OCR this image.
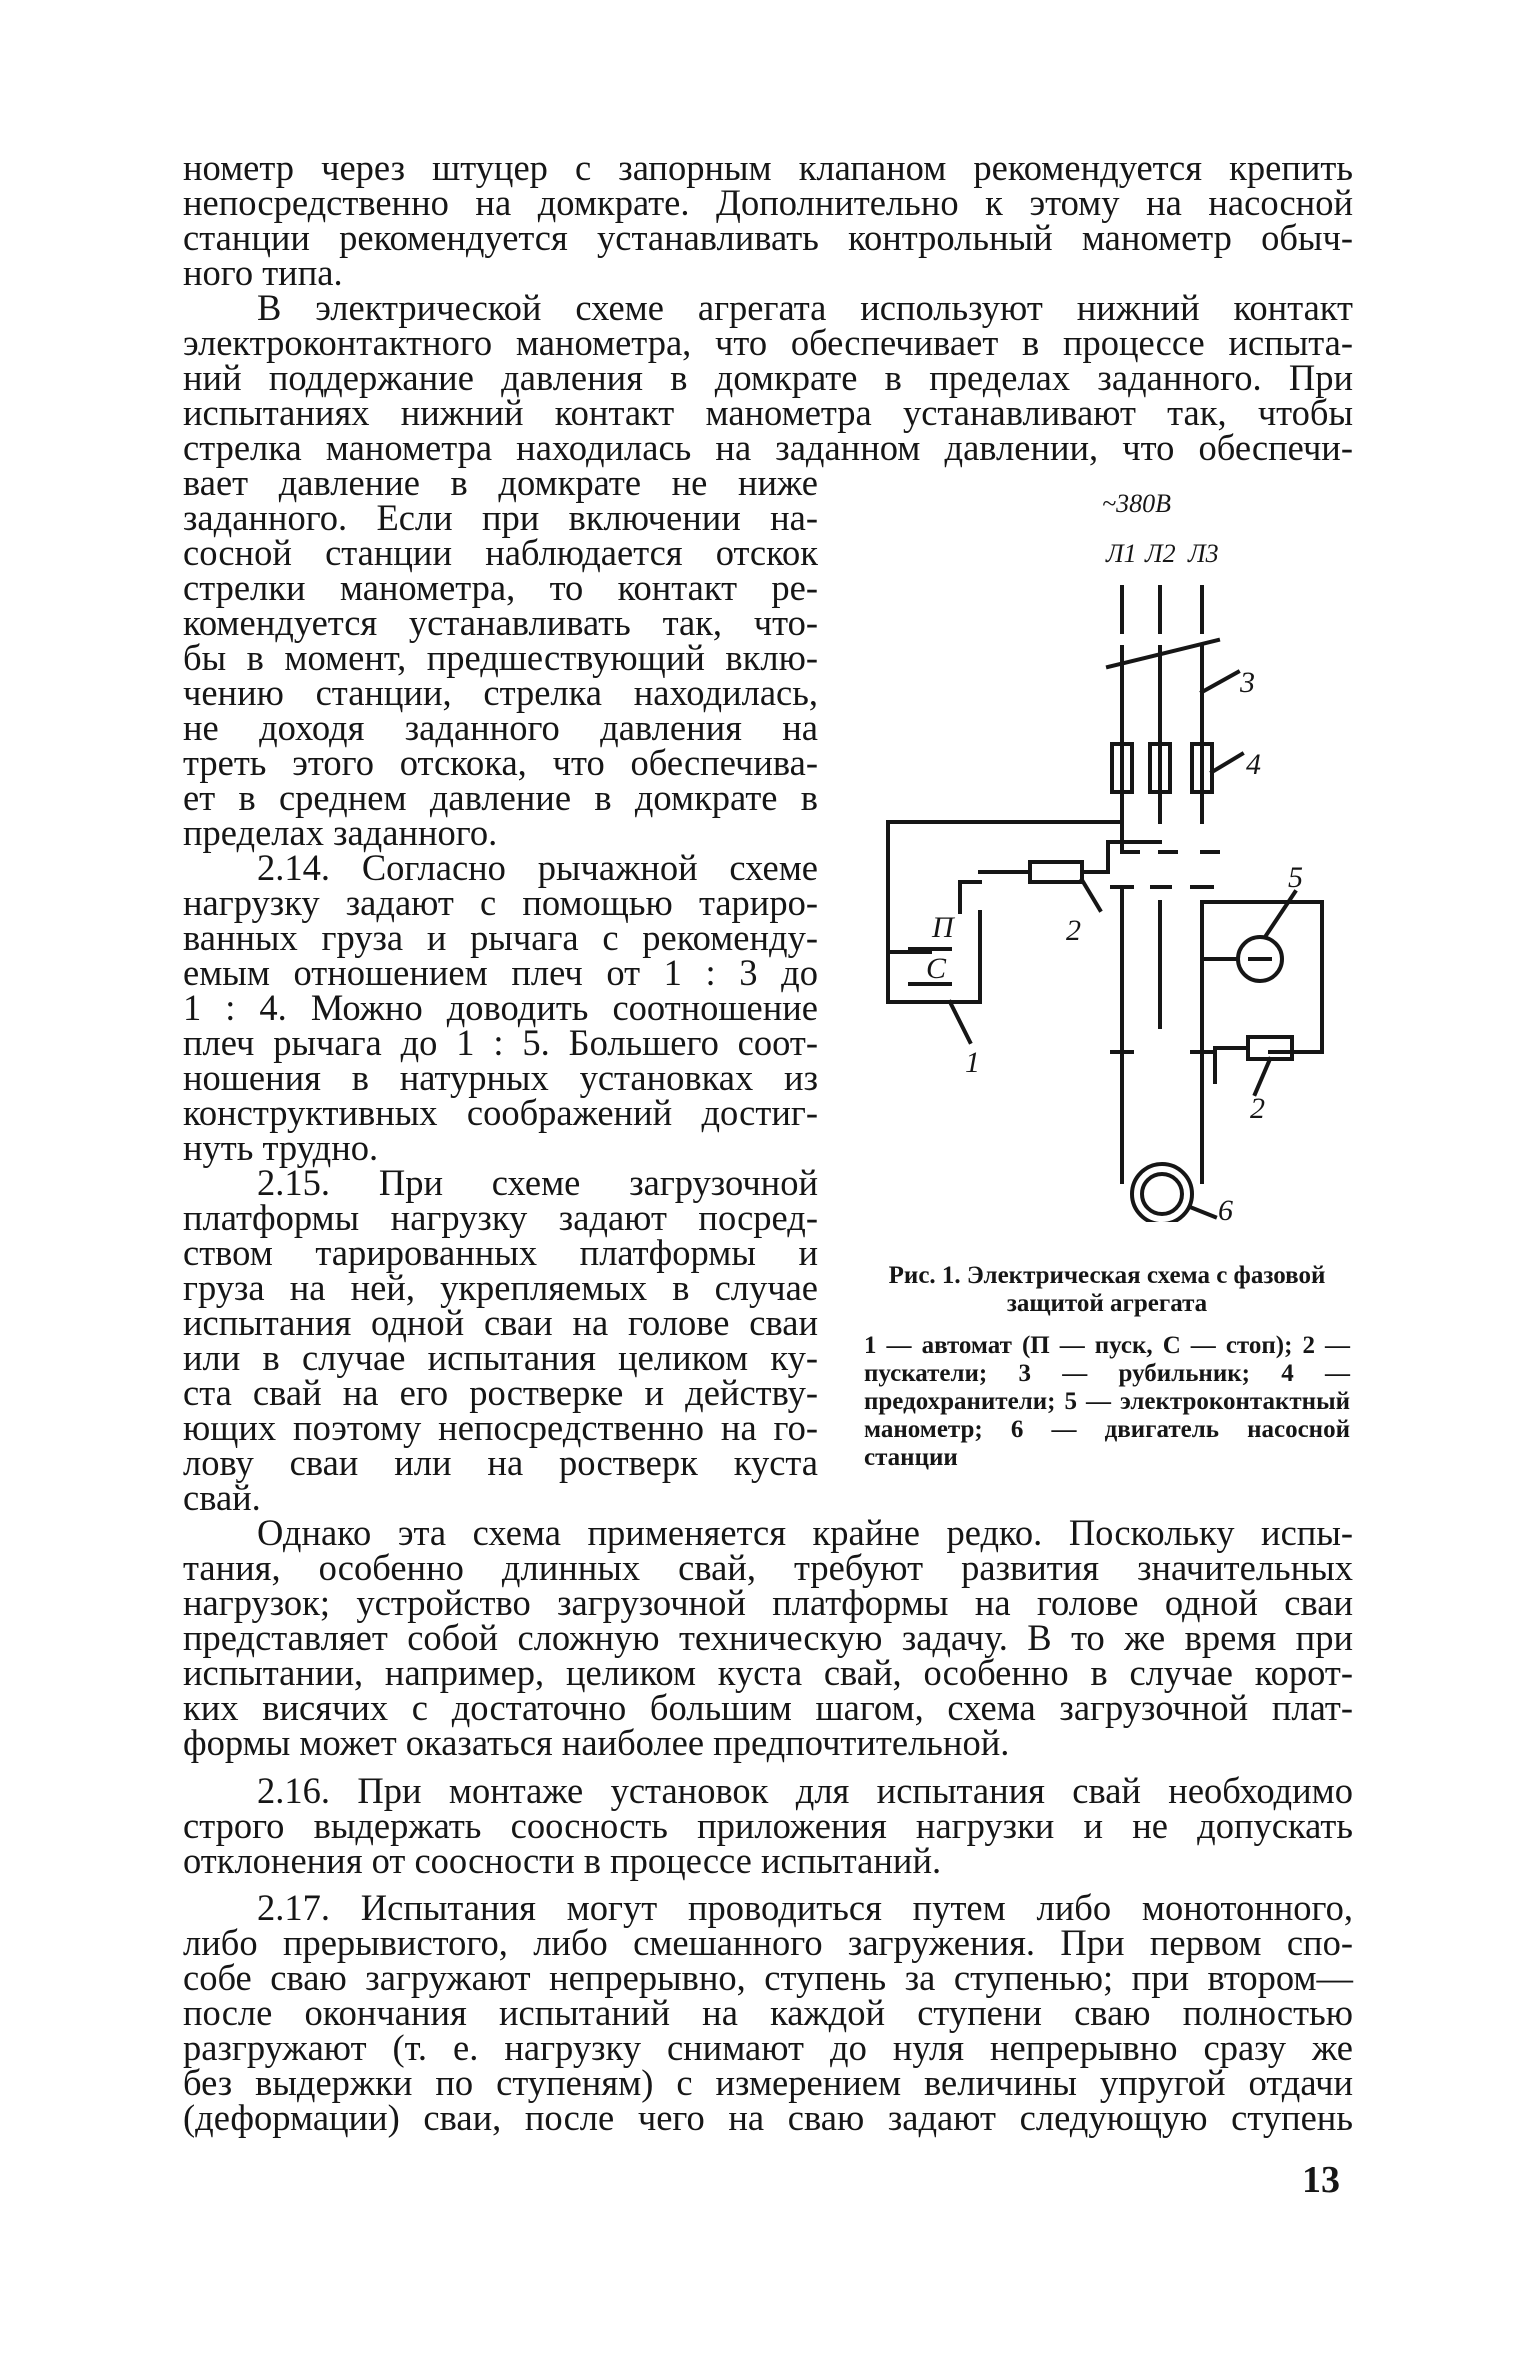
нометр через штуцер с запорным клапаном рекомендуется крепить
непосредственно на домкрате. Дополнительно к этому на насосной
станции рекомендуется устанавливать контрольный манометр обыч-
ного типа.
В электрической схеме агрегата используют нижний контакт
электроконтактного манометра, что обеспечивает в процессе испыта-
ний поддержание давления в домкрате в пределах заданного. При
испытаниях нижний контакт манометра устанавливают так, чтобы
стрелка манометра находилась на заданном давлении, что обеспечи-
вает давление в домкрате не ниже
заданного. Если при включении на-
сосной станции наблюдается отскок
стрелки манометра, то контакт ре-
комендуется устанавливать так, что-
бы в момент, предшествующий вклю-
чению станции, стрелка находилась,
не доходя заданного давления на
треть этого отскока, что обеспечива-
ет в среднем давление в домкрате в
пределах заданного.
2.14. Согласно рычажной схеме
нагрузку задают с помощью тариро-
ванных груза и рычага с рекоменду-
емым отношением плеч от 1 : 3 до
1 : 4. Можно доводить соотношение
плеч рычага до 1 : 5. Большего соот-
ношения в натурных установках из
конструктивных соображений достиг-
нуть трудно.
2.15. При схеме загрузочной
платформы нагрузку задают посред-
ством тарированных платформы и
груза на ней, укрепляемых в случае
испытания одной сваи на голове сваи
или в случае испытания целиком ку-
ста свай на его ростверке и действу-
ющих поэтому непосредственно на го-
лову сваи или на ростверк куста
свай.
Однако эта схема применяется крайне редко. Поскольку испы-
тания, особенно длинных свай, требуют развития значительных
нагрузок; устройство загрузочной платформы на голове одной сваи
представляет собой сложную техническую задачу. В то же время при
испытании, например, целиком куста свай, особенно в случае корот-
ких висячих с достаточно большим шагом, схема загрузочной плат-
формы может оказаться наиболее предпочтительной.
2.16. При монтаже установок для испытания свай необходимо
строго выдержать соосность приложения нагрузки и не допускать
отклонения от соосности в процессе испытаний.
2.17. Испытания могут проводиться путем либо монотонного,
либо прерывистого, либо смешанного загружения. При первом спо-
собе сваю загружают непрерывно, ступень за ступенью; при втором—
после окончания испытаний на каждой ступени сваю полностью
разгружают (т. е. нагрузку снимают до нуля непрерывно сразу же
без выдержки по ступеням) с измерением величины упругой отдачи
(деформации) сваи, после чего на сваю задают следующую ступень
3
4
5
2
2
1
6
П
С
~380В
Л1 Л2 Л3
Рис. 1. Электрическая схема с фазовой защитой агрегата
1 — автомат (П — пуск, С — стоп); 2 — пускатели; 3 — рубильник; 4 — предохранители; 5 — электроконтактный манометр; 6 — двигатель насосной станции
13
